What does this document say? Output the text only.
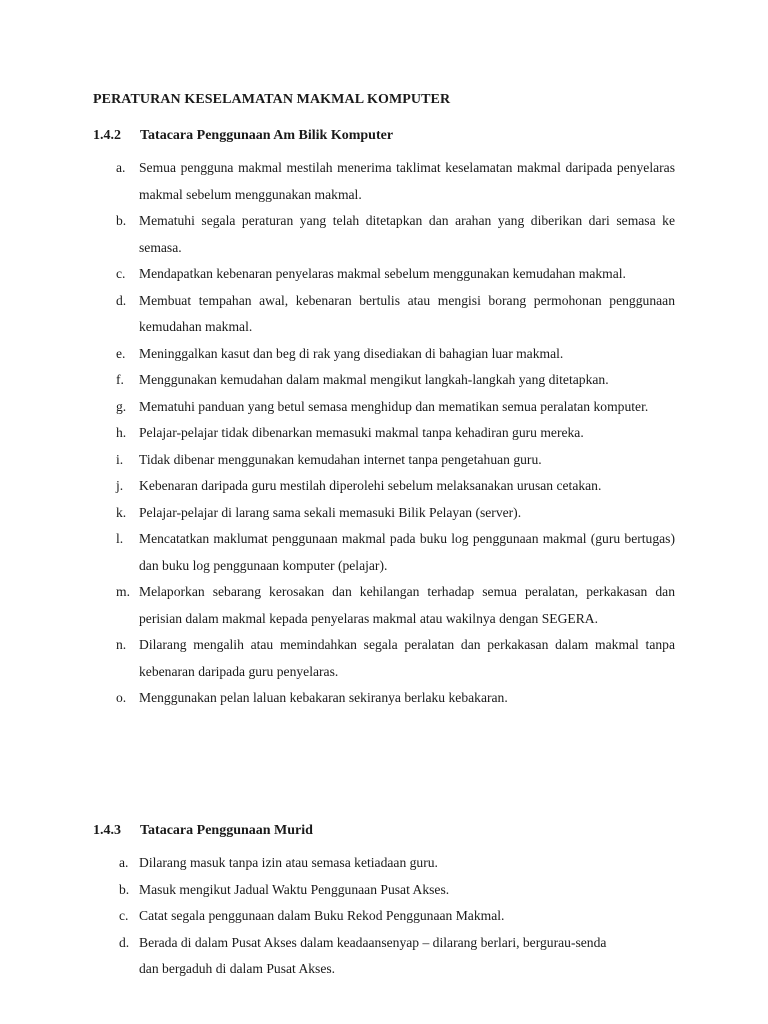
PERATURAN KESELAMATAN MAKMAL KOMPUTER
1.4.2 Tatacara Penggunaan Am Bilik Komputer
a. Semua pengguna makmal mestilah menerima taklimat keselamatan makmal daripada penyelaras makmal sebelum menggunakan makmal.
b. Mematuhi segala peraturan yang telah ditetapkan dan arahan yang diberikan dari semasa ke semasa.
c. Mendapatkan kebenaran penyelaras makmal sebelum menggunakan kemudahan makmal.
d. Membuat tempahan awal, kebenaran bertulis atau mengisi borang permohonan penggunaan kemudahan makmal.
e. Meninggalkan kasut dan beg di rak yang disediakan di bahagian luar makmal.
f. Menggunakan kemudahan dalam makmal mengikut langkah-langkah yang ditetapkan.
g. Mematuhi panduan yang betul semasa menghidup dan mematikan semua peralatan komputer.
h. Pelajar-pelajar tidak dibenarkan memasuki makmal tanpa kehadiran guru mereka.
i. Tidak dibenar menggunakan kemudahan internet tanpa pengetahuan guru.
j. Kebenaran daripada guru mestilah diperolehi sebelum melaksanakan urusan cetakan.
k. Pelajar-pelajar di larang sama sekali memasuki Bilik Pelayan (server).
l. Mencatatkan maklumat penggunaan makmal pada buku log penggunaan makmal (guru bertugas) dan buku log penggunaan komputer (pelajar).
m. Melaporkan sebarang kerosakan dan kehilangan terhadap semua peralatan, perkakasan dan perisian dalam makmal kepada penyelaras makmal atau wakilnya dengan SEGERA.
n. Dilarang mengalih atau memindahkan segala peralatan dan perkakasan dalam makmal tanpa kebenaran daripada guru penyelaras.
o. Menggunakan pelan laluan kebakaran sekiranya berlaku kebakaran.
1.4.3 Tatacara Penggunaan Murid
a. Dilarang masuk tanpa izin atau semasa ketiadaan guru.
b. Masuk mengikut Jadual Waktu Penggunaan Pusat Akses.
c. Catat segala penggunaan dalam Buku Rekod Penggunaan Makmal.
d. Berada di dalam Pusat Akses dalam keadaansenyap – dilarang berlari, bergurau-senda dan bergaduh di dalam Pusat Akses.
